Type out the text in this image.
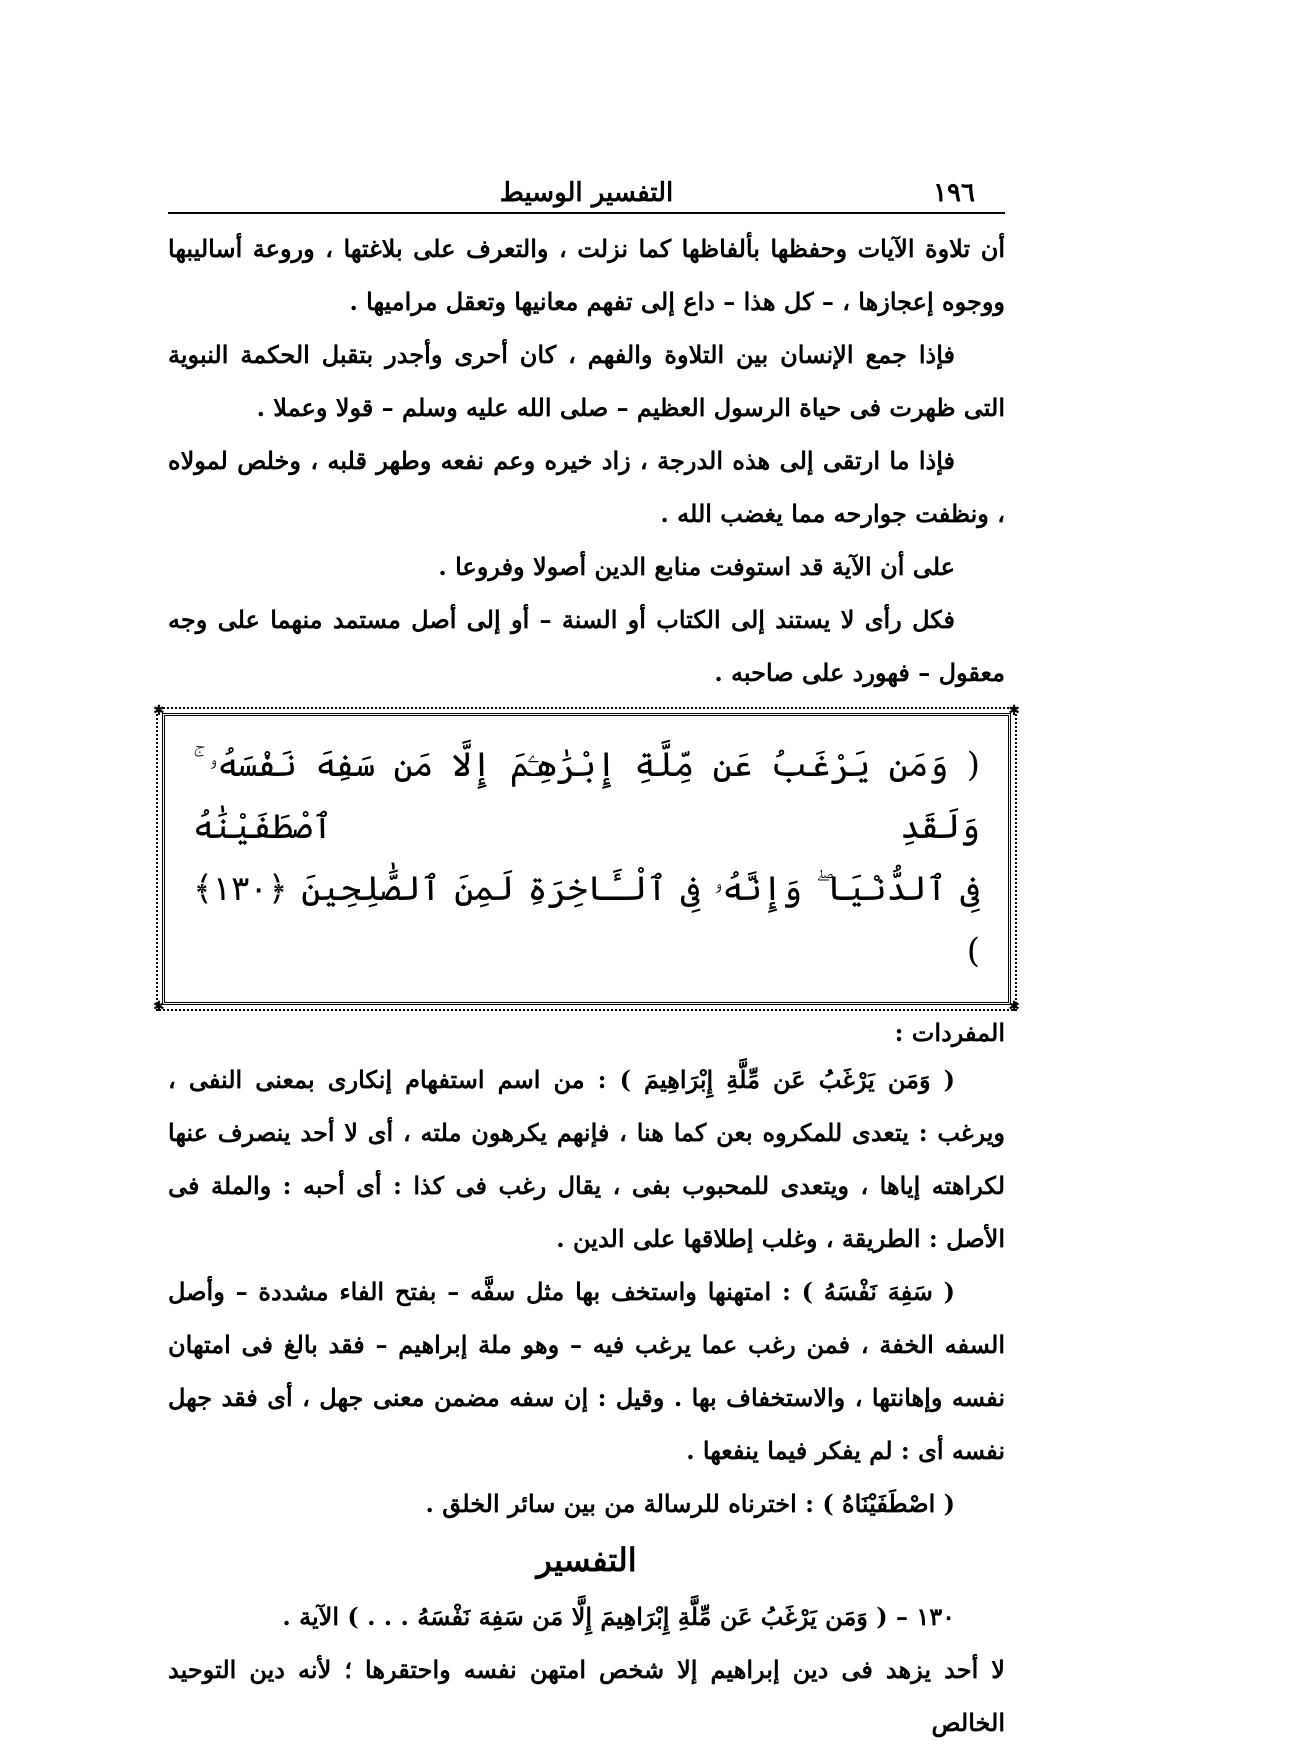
١٩٦
التفسير الوسيط

أن تلاوة الآيات وحفظها بألفاظها كما نزلت ، والتعرف على بلاغتها ، وروعة أساليبها ووجوه إعجازها ، – كل هذا – داع إلى تفهم معانيها وتعقل مراميها .

فإذا جمع الإنسان بين التلاوة والفهم ، كان أحرى وأجدر بتقبل الحكمة النبوية التى ظهرت فى حياة الرسول العظيم – صلى الله عليه وسلم – قولا وعملا .

فإذا ما ارتقى إلى هذه الدرجة ، زاد خيره وعم نفعه وطهر قلبه ، وخلص لمولاه ، ونظفت جوارحه مما يغضب الله .

على أن الآية قد استوفت منابع الدين أصولا وفروعا .

فكل رأى لا يستند إلى الكتاب أو السنة – أو إلى أصل مستمد منهما على وجه معقول – فهورد على صاحبه .

✱	✱
✱	✱
( وَمَن يَرْغَبُ عَن مِّلَّةِ إِبْرَٰهِـۧمَ إِلَّا مَن سَفِهَ نَفْسَهُۥ ۚ وَلَقَدِ ٱصْطَفَيْنَٰهُ
فِى ٱلدُّنْيَا ۖ وَإِنَّهُۥ فِى ٱلْـَٔاخِرَةِ لَمِنَ ٱلصَّٰلِحِينَ ﴿١٣٠﴾ )

المفردات :

( وَمَن يَرْغَبُ عَن مِّلَّةِ إِبْرَاهِيمَ ) : من اسم استفهام إنكارى بمعنى النفى ، ويرغب : يتعدى للمكروه بعن كما هنا ، فإنهم يكرهون ملته ، أى لا أحد ينصرف عنها لكراهته إياها ، ويتعدى للمحبوب بفى ، يقال رغب فى كذا : أى أحبه : والملة فى الأصل : الطريقة ، وغلب إطلاقها على الدين .

( سَفِهَ نَفْسَهُ ) : امتهنها واستخف بها مثل سفَّه – بفتح الفاء مشددة – وأصل السفه الخفة ، فمن رغب عما يرغب فيه – وهو ملة إبراهيم – فقد بالغ فى امتهان نفسه وإهانتها ، والاستخفاف بها . وقيل : إن سفه مضمن معنى جهل ، أى فقد جهل نفسه أى : لم يفكر فيما ينفعها .

( اصْطَفَيْنَاهُ ) : اخترناه للرسالة من بين سائر الخلق .

التفسير

١٣٠ – ( وَمَن يَرْغَبُ عَن مِّلَّةِ إِبْرَاهِيمَ إِلَّا مَن سَفِهَ نَفْسَهُ . . . ) الآية .

لا أحد يزهد فى دين إبراهيم إلا شخص امتهن نفسه واحتقرها ؛ لأنه دين التوحيد الخالص
